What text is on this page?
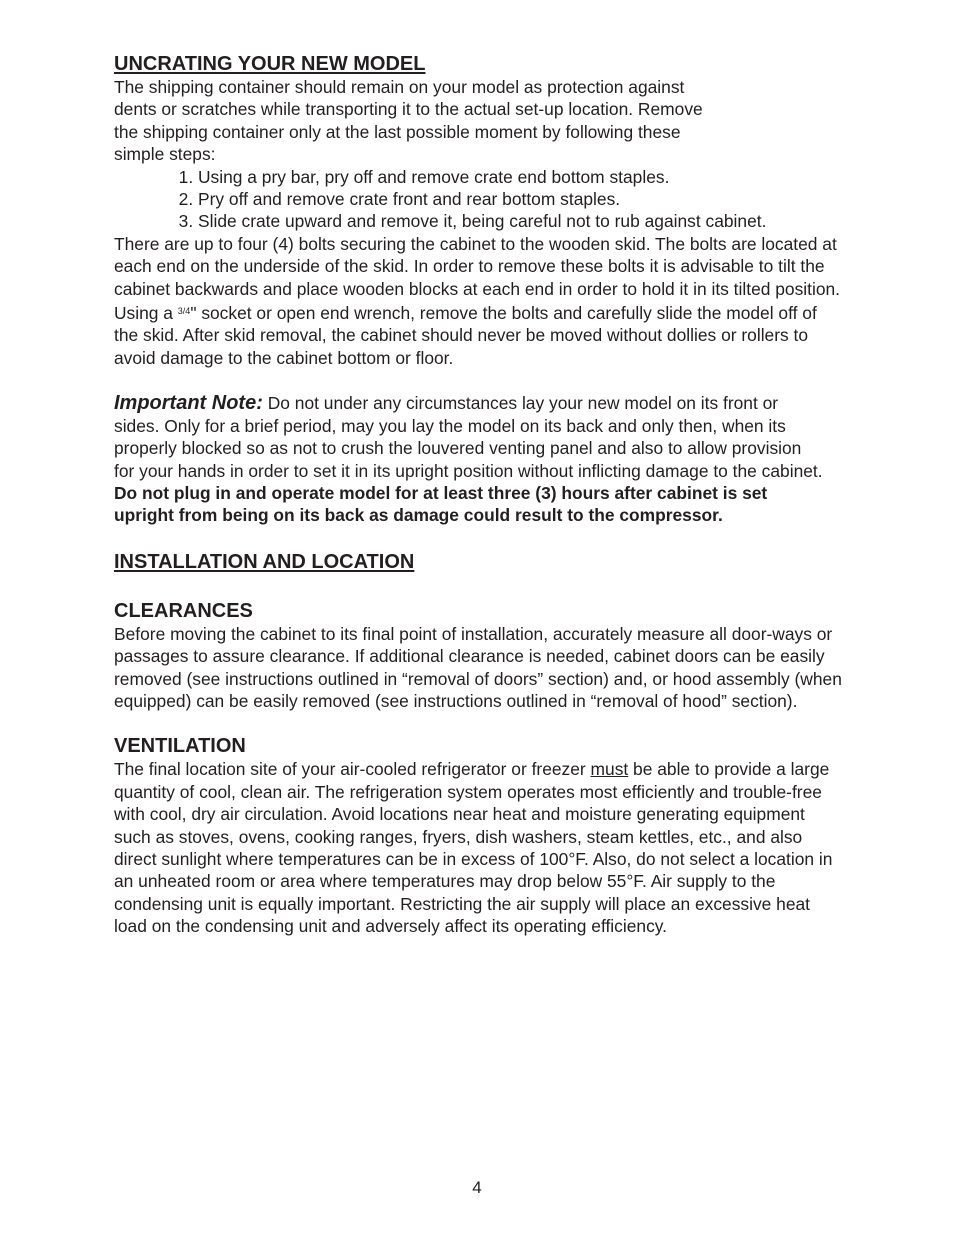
UNCRATING YOUR NEW MODEL

The shipping container should remain on your model as protection against
dents or scratches while transporting it to the actual set-up location. Remove
the shipping container only at the last possible moment by following these
simple steps:

1. Using a pry bar, pry off and remove crate end bottom staples.
2. Pry off and remove crate front and rear bottom staples.
3. Slide crate upward and remove it, being careful not to rub against cabinet.

There are up to four (4) bolts securing the cabinet to the wooden skid. The bolts are located at each end on the underside of the skid. In order to remove these bolts it is advisable to tilt the cabinet backwards and place wooden blocks at each end in order to hold it in its tilted position. Using a $^{3/4}$" socket or open end wrench, remove the bolts and carefully slide the model off of the skid. After skid removal, the cabinet should never be moved without dollies or rollers to avoid damage to the cabinet bottom or floor.

Important Note: Do not under any circumstances lay your new model on its front or sides. Only for a brief period, may you lay the model on its back and only then, when its properly blocked so as not to crush the louvered venting panel and also to allow provision for your hands in order to set it in its upright position without inflicting damage to the cabinet. Do not plug in and operate model for at least three (3) hours after cabinet is set upright from being on its back as damage could result to the compressor.

INSTALLATION AND LOCATION
CLEARANCES

Before moving the cabinet to its final point of installation, accurately measure all door-ways or passages to assure clearance. If additional clearance is needed, cabinet doors can be easily removed (see instructions outlined in “removal of doors” section) and, or hood assembly (when equipped) can be easily removed (see instructions outlined in “removal of hood” section).

VENTILATION

The final location site of your air-cooled refrigerator or freezer must be able to provide a large quantity of cool, clean air. The refrigeration system operates most efficiently and trouble-free with cool, dry air circulation. Avoid locations near heat and moisture generating equipment such as stoves, ovens, cooking ranges, fryers, dish washers, steam kettles, etc., and also direct sunlight where temperatures can be in excess of 100°F. Also, do not select a location in an unheated room or area where temperatures may drop below 55°F. Air supply to the condensing unit is equally important. Restricting the air supply will place an excessive heat load on the condensing unit and adversely affect its operating efficiency.

4
